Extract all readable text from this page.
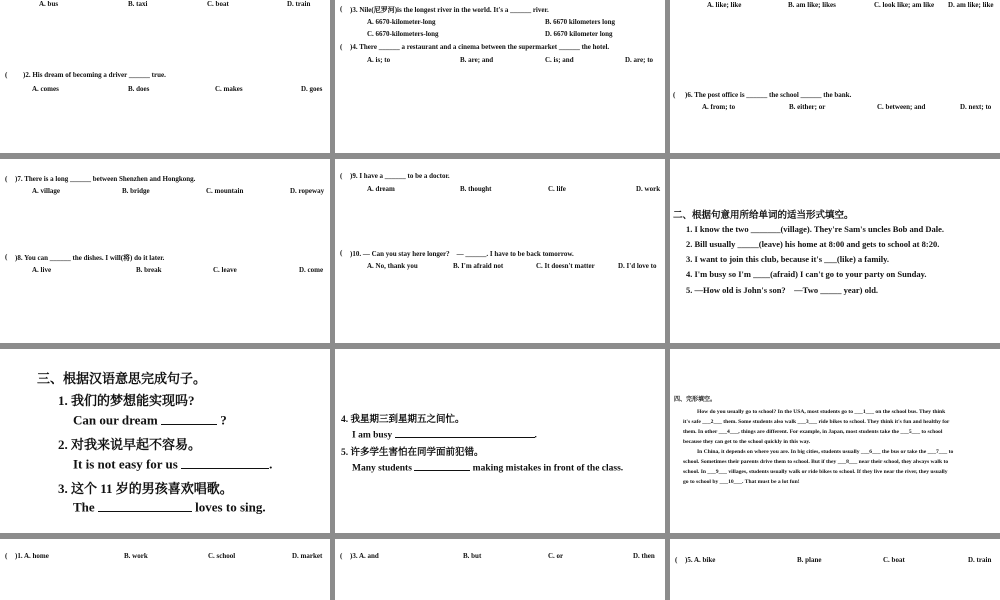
A. bus	B. taxi	C. boat	D. train
( )2. His dream of becoming a driver ______ true.
A. comes	B. does	C. makes	D. goes
( )3. Nile(尼罗河)is the longest river in the world. It's a ______ river.
A. 6670-kilometer-long	B. 6670 kilometers long
C. 6670-kilometers-long	D. 6670 kilometer long
( )4. There ______ a restaurant and a cinema between the supermarket ______ the hotel.
A. is; to	B. are; and	C. is; and	D. are; to
A. like; like	B. am like; likes	C. look like; am like D. am like; like
( )6. The post office is ______ the school ______ the bank.
A. from; to	B. either; or	C. between; and	D. next; to
( )7. There is a long ______ between Shenzhen and Hongkong.
A. village	B. bridge	C. mountain	D. ropeway
( )8. You can ______ the dishes. I will(将) do it later.
A. live	B. break	C. leave	D. come
( )9. I have a ______ to be a doctor.
A. dream	B. thought	C. life	D. work
( )10. — Can you stay here longer?　— ______. I have to be back tomorrow.
A. No, thank you	B. I'm afraid not	C. It doesn't matter	D. I'd love to
二、根据句意用所给单词的适当形式填空。
1. I know the two _______(village). They're Sam's uncles Bob and Dale.
2. Bill usually _____(leave) his home at 8:00 and gets to school at 8:20.
3. I want to join this club, because it's ___(like) a family.
4. I'm busy so I'm ____(afraid) I can't go to your party on Sunday.
5. —How old is John's son?　—Two _____ year) old.
三、根据汉语意思完成句子。
1. 我们的梦想能实现吗?
Can our dream	?
2. 对我来说早起不容易。
It is not easy for us	.
3. 这个 11 岁的男孩喜欢唱歌。
The	loves to sing.
4. 我星期三到星期五之间忙。
I am busy	.
5. 许多学生害怕在同学面前犯错。
Many students	making mistakes in front of the class.
四、完形填空。
How do you usually go to school? In the USA, most students go to ___1___ on the school bus. They think
it's safe ___2___ them. Some students also walk ___3___ ride bikes to school. They think it's fun and healthy for
them. In other ___4___, things are different. For example, in Japan, most students take the ___5___ to school
because they can get to the school quickly in this way.
In China, it depends on where you are. In big cities, students usually ___6___ the bus or take the ___7___ to
school. Sometimes their parents drive them to school. But if they ___8___ near their school, they always walk to
school. In ___9___ villages, students usually walk or ride bikes to school. If they live near the river, they usually
go to school by ___10___. That must be a lot fun!
( )1. A. home	B. work	C. school	D. market	( )3. A. and	B. but	C. or	D. then	( )5. A. bike	B. plane	C. boat	D. train
